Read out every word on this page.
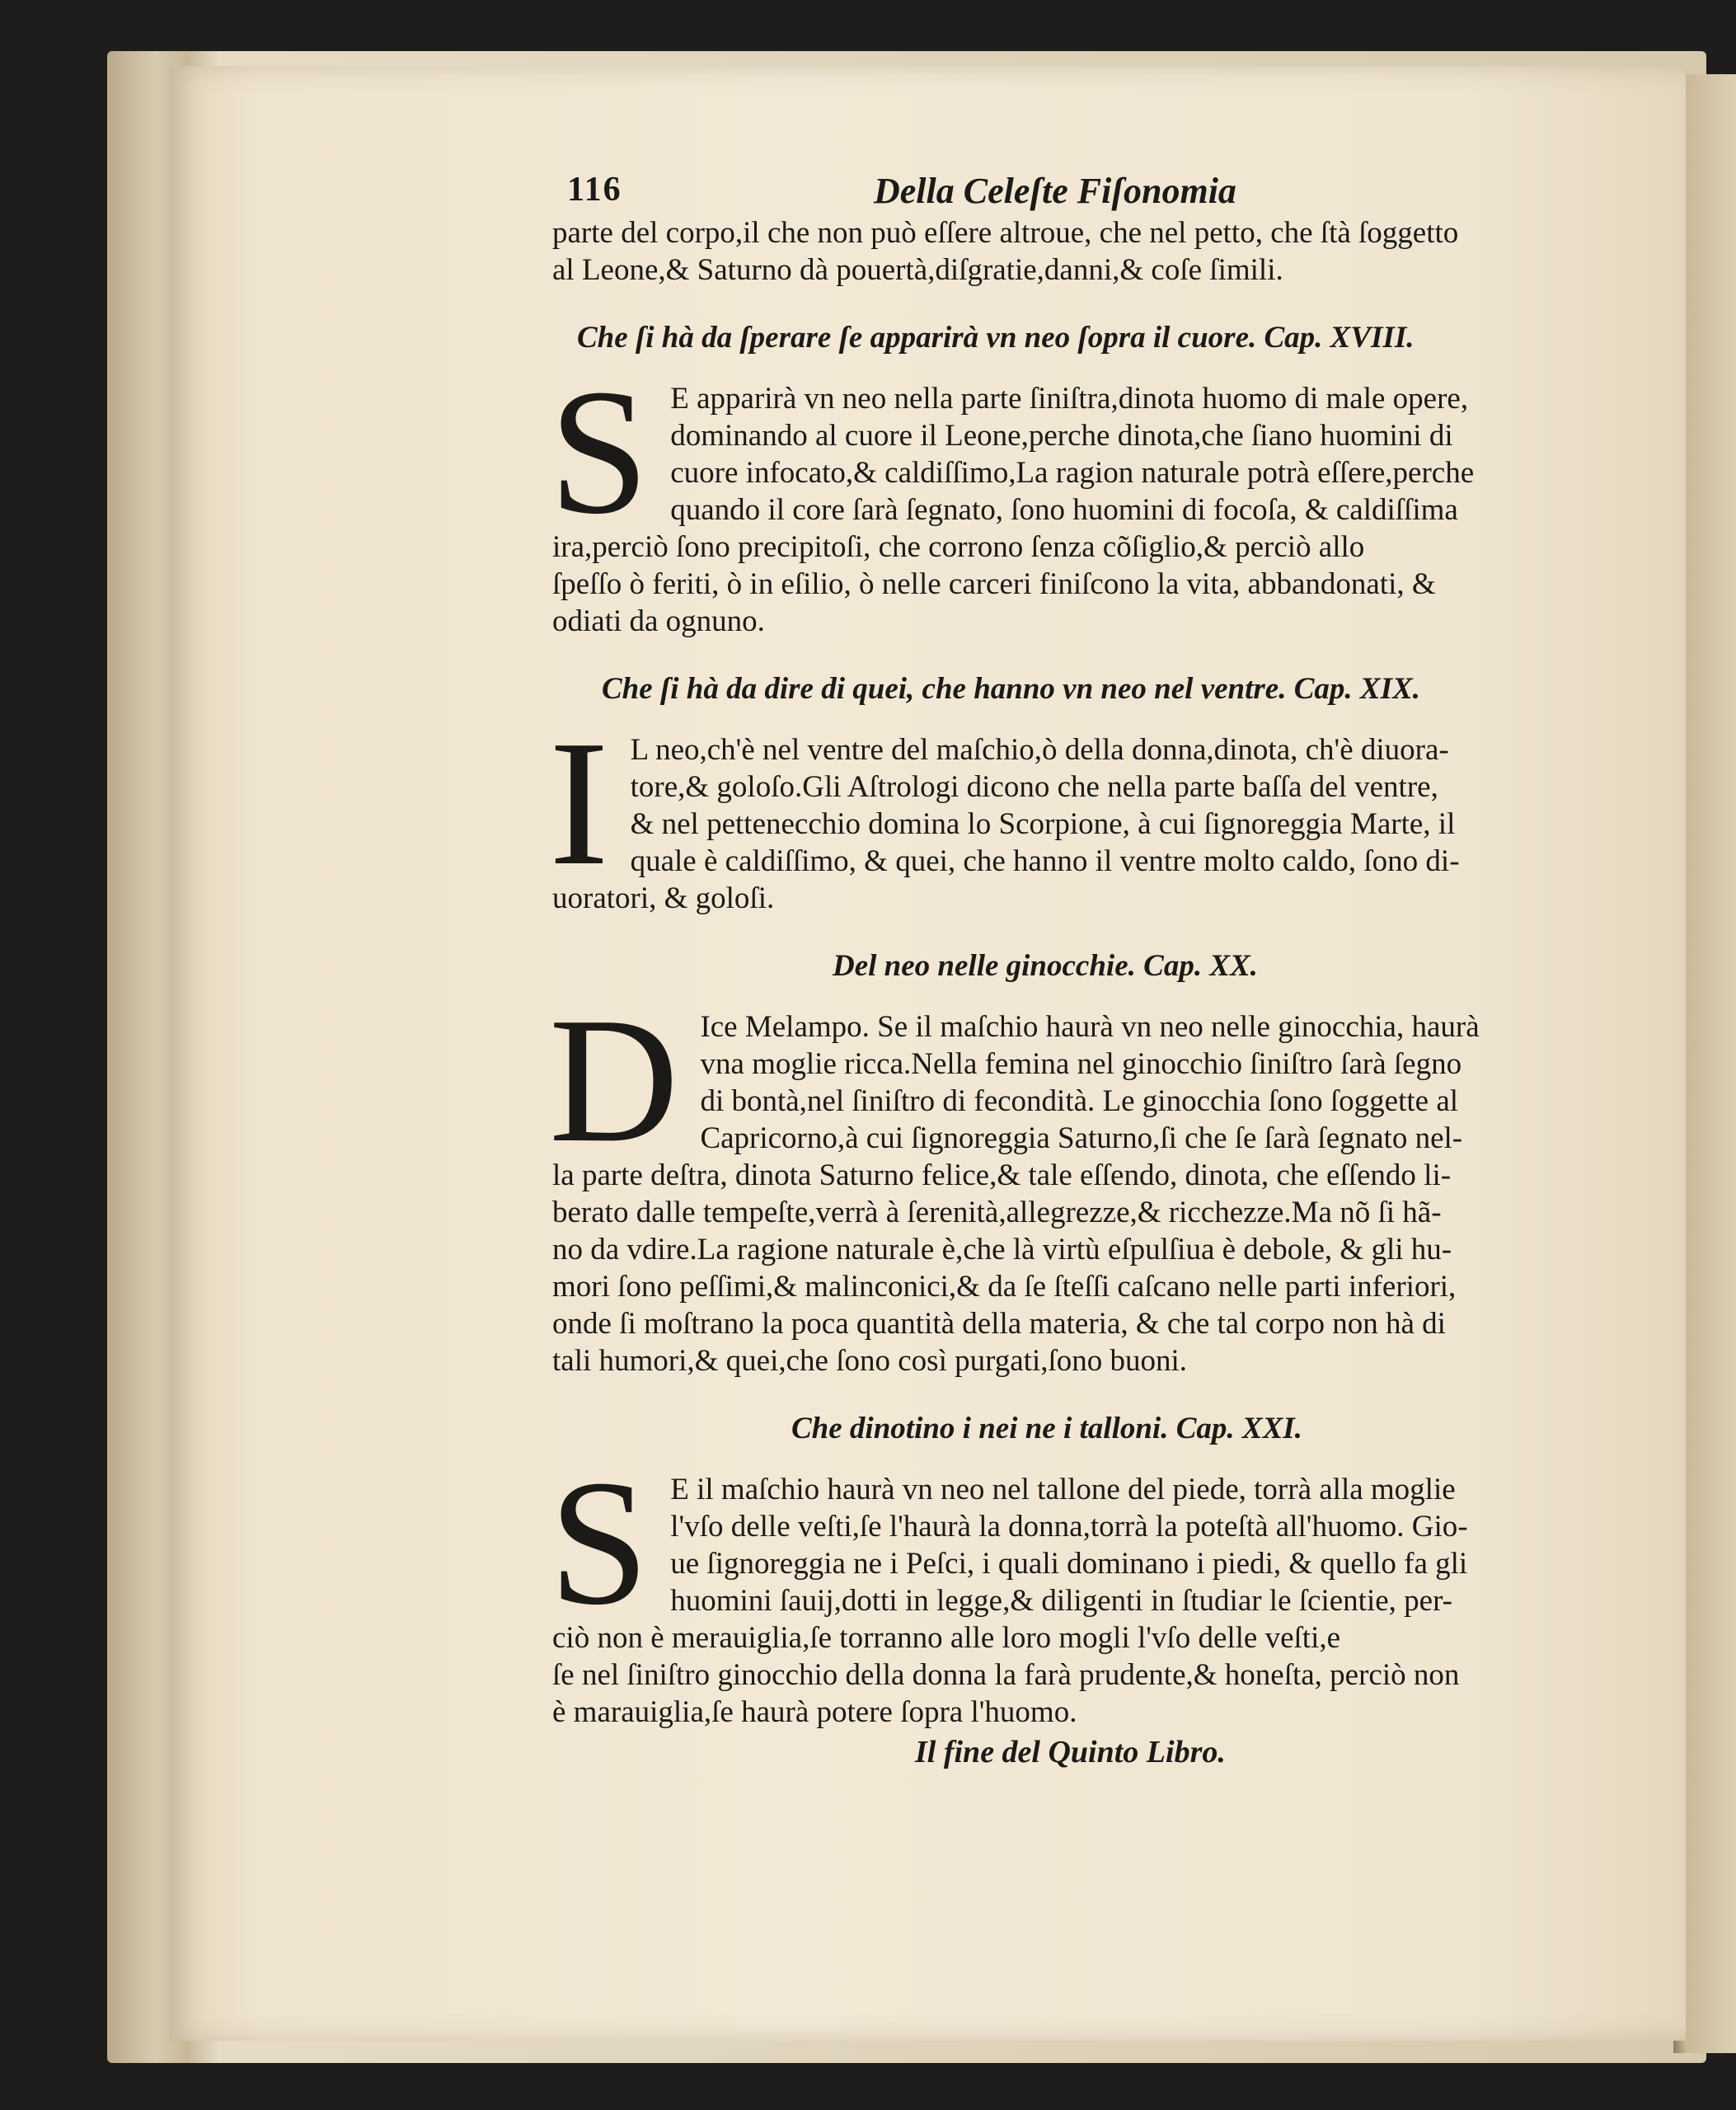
116	Della Celeſte Fiſonomia

parte del corpo,il che non può eſſere altroue, che nel petto, che ſtà ſoggetto
al Leone,& Saturno dà pouertà,diſgratie,danni,& coſe ſimili.

Che ſi hà da ſperare ſe apparirà vn neo ſopra il cuore. Cap. XVIII.
S E apparirà vn neo nella parte ſiniſtra,dinota huomo di male opere,
dominando al cuore il Leone,perche dinota,che ſiano huomini di
cuore infocato,& caldiſſimo,La ragion naturale potrà eſſere,perche
quando il core ſarà ſegnato, ſono huomini di focoſa, & caldiſſima
ira,perciò ſono precipitoſi, che corrono ſenza cõſiglio,& perciò allo
ſpeſſo ò feriti, ò in eſilio, ò nelle carceri finiſcono la vita, abbandonati, &
odiati da ognuno.
Che ſi hà da dire di quei, che hanno vn neo nel ventre. Cap. XIX.
I L neo,ch'è nel ventre del maſchio,ò della donna,dinota, ch'è diuora-
tore,& goloſo.Gli Aſtrologi dicono che nella parte baſſa del ventre,
& nel pettenecchio domina lo Scorpione, à cui ſignoreggia Marte, il
quale è caldiſſimo, & quei, che hanno il ventre molto caldo, ſono di-
uoratori, & goloſi.
Del neo nelle ginocchie. Cap. XX.
D Ice Melampo. Se il maſchio haurà vn neo nelle ginocchia, haurà
vna moglie ricca.Nella femina nel ginocchio ſiniſtro ſarà ſegno
di bontà,nel ſiniſtro di fecondità. Le ginocchia ſono ſoggette al
Capricorno,à cui ſignoreggia Saturno,ſi che ſe ſarà ſegnato nel-
la parte deſtra, dinota Saturno felice,& tale eſſendo, dinota, che eſſendo li-
berato dalle tempeſte,verrà à ſerenità,allegrezze,& ricchezze.Ma nõ ſi hã-
no da vdire.La ragione naturale è,che là virtù eſpulſiua è debole, & gli hu-
mori ſono peſſimi,& malinconici,& da ſe ſteſſi caſcano nelle parti inferiori,
onde ſi moſtrano la poca quantità della materia, & che tal corpo non hà di
tali humori,& quei,che ſono così purgati,ſono buoni.
Che dinotino i nei ne i talloni. Cap. XXI.
S E il maſchio haurà vn neo nel tallone del piede, torrà alla moglie
l'vſo delle veſti,ſe l'haurà la donna,torrà la poteſtà all'huomo. Gio-
ue ſignoreggia ne i Peſci, i quali dominano i piedi, & quello fa gli
huomini ſauij,dotti in legge,& diligenti in ſtudiar le ſcientie, per-
ciò non è merauiglia,ſe torranno alle loro mogli l'vſo delle veſti,e
ſe nel ſiniſtro ginocchio della donna la farà prudente,& honeſta, perciò non
è marauiglia,ſe haurà potere ſopra l'huomo.
Il fine del Quinto Libro.
